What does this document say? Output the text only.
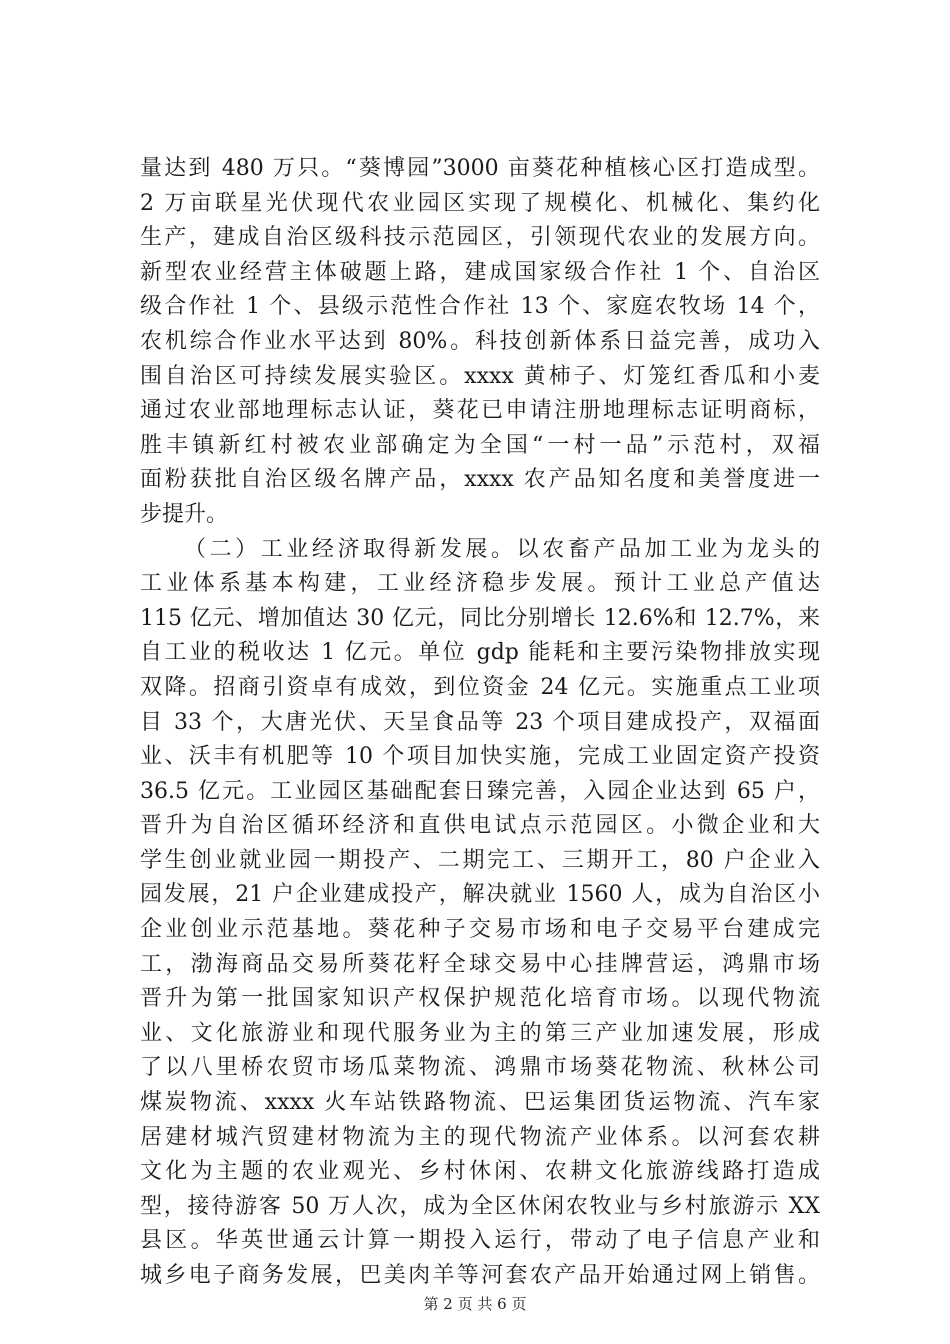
量达到 480 万只。“葵博园”3000 亩葵花种植核心区打造成型。
2 万亩联星光伏现代农业园区实现了规模化、机械化、集约化
生产，建成自治区级科技示范园区，引领现代农业的发展方向。
新型农业经营主体破题上路，建成国家级合作社 1 个、自治区
级合作社 1 个、县级示范性合作社 13 个、家庭农牧场 14 个，
农机综合作业水平达到 80%。科技创新体系日益完善，成功入
围自治区可持续发展实验区。xxxx 黄柿子、灯笼红香瓜和小麦
通过农业部地理标志认证，葵花已申请注册地理标志证明商标，
胜丰镇新红村被农业部确定为全国“一村一品”示范村，双福
面粉获批自治区级名牌产品，xxxx 农产品知名度和美誉度进一
步提升。
（二）工业经济取得新发展。以农畜产品加工业为龙头的
工业体系基本构建，工业经济稳步发展。预计工业总产值达
115 亿元、增加值达 30 亿元，同比分别增长 12.6%和 12.7%，来
自工业的税收达 1 亿元。单位 gdp 能耗和主要污染物排放实现
双降。招商引资卓有成效，到位资金 24 亿元。实施重点工业项
目 33 个，大唐光伏、天呈食品等 23 个项目建成投产，双福面
业、沃丰有机肥等 10 个项目加快实施，完成工业固定资产投资
36.5 亿元。工业园区基础配套日臻完善，入园企业达到 65 户，
晋升为自治区循环经济和直供电试点示范园区。小微企业和大
学生创业就业园一期投产、二期完工、三期开工，80 户企业入
园发展，21 户企业建成投产，解决就业 1560 人，成为自治区小
企业创业示范基地。葵花种子交易市场和电子交易平台建成完
工，渤海商品交易所葵花籽全球交易中心挂牌营运，鸿鼎市场
晋升为第一批国家知识产权保护规范化培育市场。以现代物流
业、文化旅游业和现代服务业为主的第三产业加速发展，形成
了以八里桥农贸市场瓜菜物流、鸿鼎市场葵花物流、秋林公司
煤炭物流、xxxx 火车站铁路物流、巴运集团货运物流、汽车家
居建材城汽贸建材物流为主的现代物流产业体系。以河套农耕
文化为主题的农业观光、乡村休闲、农耕文化旅游线路打造成
型，接待游客 50 万人次，成为全区休闲农牧业与乡村旅游示 XX
县区。华英世通云计算一期投入运行，带动了电子信息产业和
城乡电子商务发展，巴美肉羊等河套农产品开始通过网上销售。
第 2 页 共 6 页
